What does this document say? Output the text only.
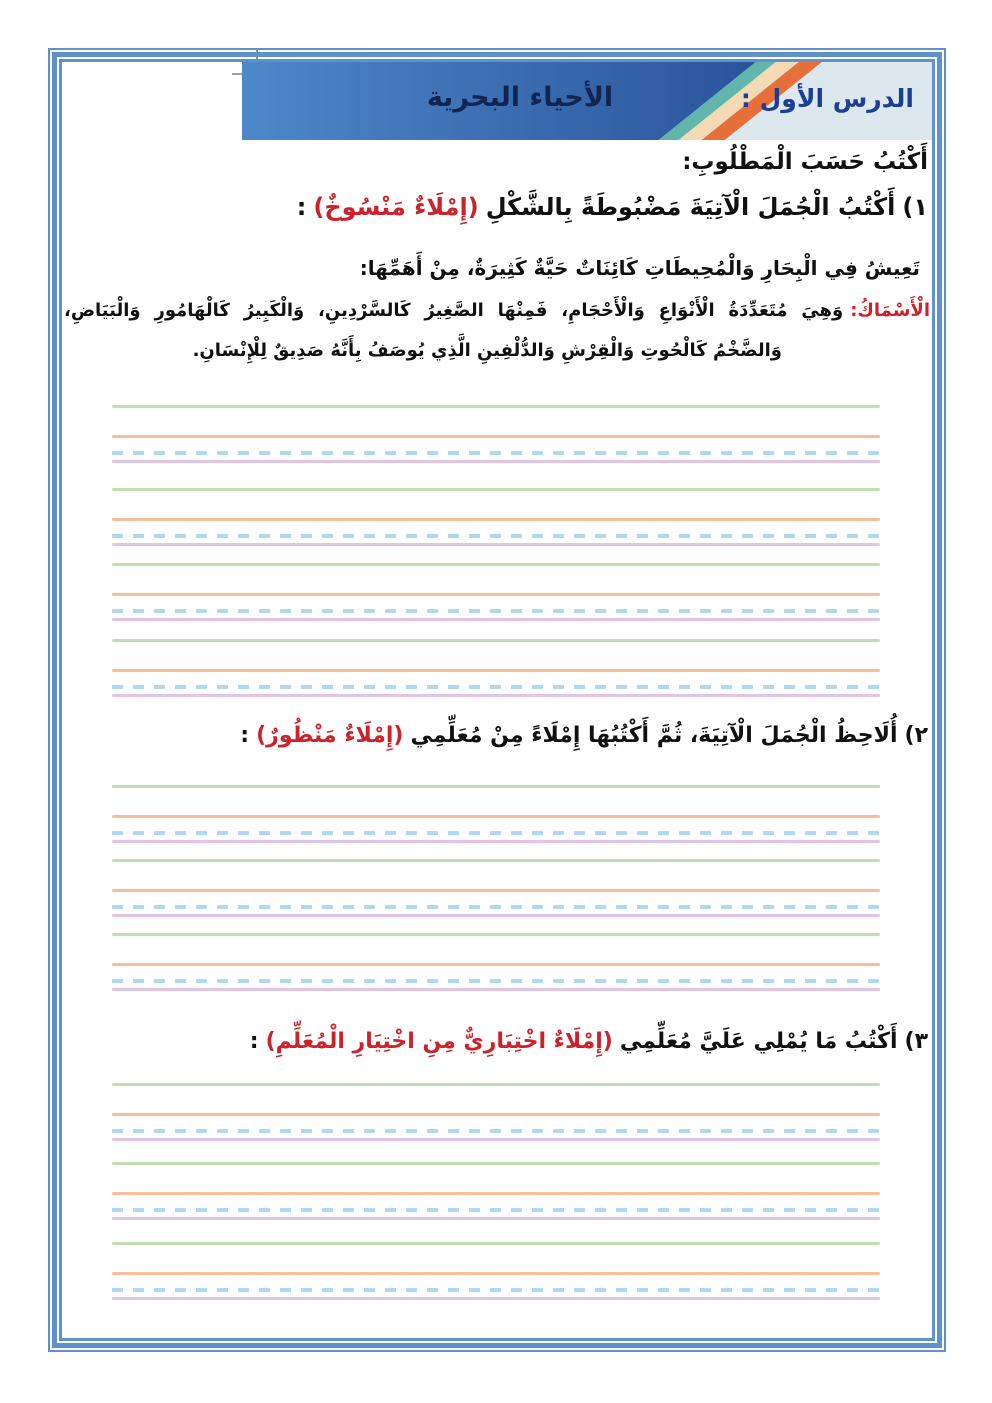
الأحياء البحرية	الدرس الأول :
أَكْتُبُ حَسَبَ الْمَطْلُوبِ:
١)أَكْتُبُ الْجُمَلَ الْآتِيَةَ مَضْبُوطَةً بِالشَّكْلِ(إِمْلَاءٌ مَنْسُوخٌ):
تَعِيشُ فِي الْبِحَارِ وَالْمُحِيطَاتِ كَائِنَاتٌ حَيَّةٌ كَثِيرَةٌ، مِنْ أَهَمِّهَا:
الْأَسْمَاكُ:وَهِيَ مُتَعَدِّدَةُ الْأَنْوَاعِ وَالْأَحْجَامِ، فَمِنْهَا الصَّغِيرُ كَالسَّرْدِينِ، وَالْكَبِيرُ كَالْهَامُورِ وَالْبَيَاضِ،
وَالضَّخْمُ كَالْحُوتِ وَالْقِرْشِ وَالدُّلْفِينِ الَّذِي يُوصَفُ بِأَنَّهُ صَدِيقٌ لِلْإِنْسَانِ.
٢)أُلَاحِظُ الْجُمَلَ الْآتِيَةَ، ثُمَّ أَكْتُبُهَا إِمْلَاءً مِنْ مُعَلِّمِي(إِمْلَاءٌ مَنْظُورٌ):
٣)أَكْتُبُ مَا يُمْلِي عَلَيَّ مُعَلِّمِي(إِمْلَاءٌ اخْتِبَارِيٌّ مِنِ اخْتِيَارِ الْمُعَلِّمِ):
